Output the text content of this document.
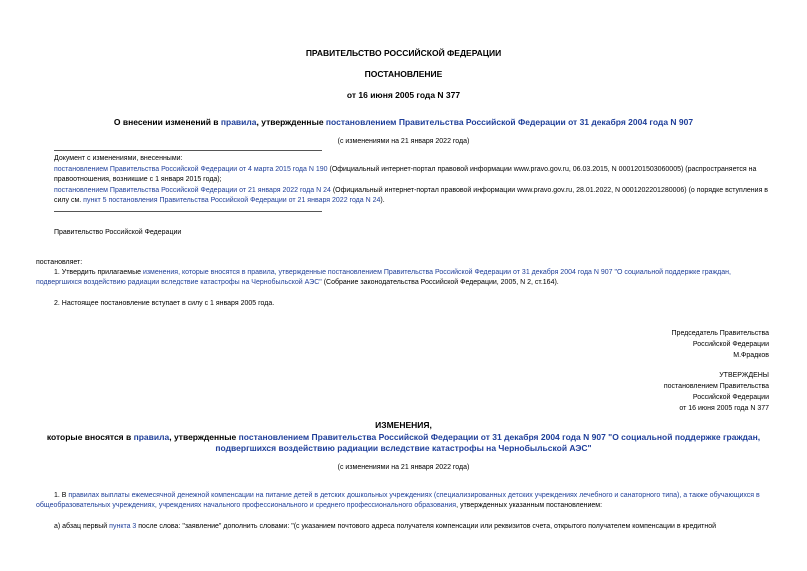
ПРАВИТЕЛЬСТВО РОССИЙСКОЙ ФЕДЕРАЦИИ
ПОСТАНОВЛЕНИЕ
от 16 июня 2005 года N 377
О внесении изменений в правила, утвержденные постановлением Правительства Российской Федерации от 31 декабря 2004 года N 907
(с изменениями на 21 января 2022 года)
Документ с изменениями, внесенными:
постановлением Правительства Российской Федерации от 4 марта 2015 года N 190 (Официальный интернет-портал правовой информации www.pravo.gov.ru, 06.03.2015, N 0001201503060005) (распространяется на правоотношения, возникшие с 1 января 2015 года);
постановлением Правительства Российской Федерации от 21 января 2022 года N 24 (Официальный интернет-портал правовой информации www.pravo.gov.ru, 28.01.2022, N 0001202201280006) (о порядке вступления в силу см. пункт 5 постановления Правительства Российской Федерации от 21 января 2022 года N 24).
Правительство Российской Федерации
постановляет:
1. Утвердить прилагаемые изменения, которые вносятся в правила, утвержденные постановлением Правительства Российской Федерации от 31 декабря 2004 года N 907 "О социальной поддержке граждан, подвергшихся воздействию радиации вследствие катастрофы на Чернобыльской АЭС" (Собрание законодательства Российской Федерации, 2005, N 2, ст.164).
2. Настоящее постановление вступает в силу с 1 января 2005 года.
Председатель Правительства
Российской Федерации
М.Фрадков
УТВЕРЖДЕНЫ
постановлением Правительства
Российской Федерации
от 16 июня 2005 года N 377
ИЗМЕНЕНИЯ,
которые вносятся в правила, утвержденные постановлением Правительства Российской Федерации от 31 декабря 2004 года N 907 "О социальной поддержке граждан, подвергшихся воздействию радиации вследствие катастрофы на Чернобыльской АЭС"
(с изменениями на 21 января 2022 года)
1. В правилах выплаты ежемесячной денежной компенсации на питание детей в детских дошкольных учреждениях (специализированных детских учреждениях лечебного и санаторного типа), а также обучающихся в общеобразовательных учреждениях, учреждениях начального профессионального и среднего профессионального образования, утвержденных указанным постановлением:
а) абзац первый пункта 3 после слова: "заявление" дополнить словами: "(с указанием почтового адреса получателя компенсации или реквизитов счета, открытого получателем компенсации в кредитной
